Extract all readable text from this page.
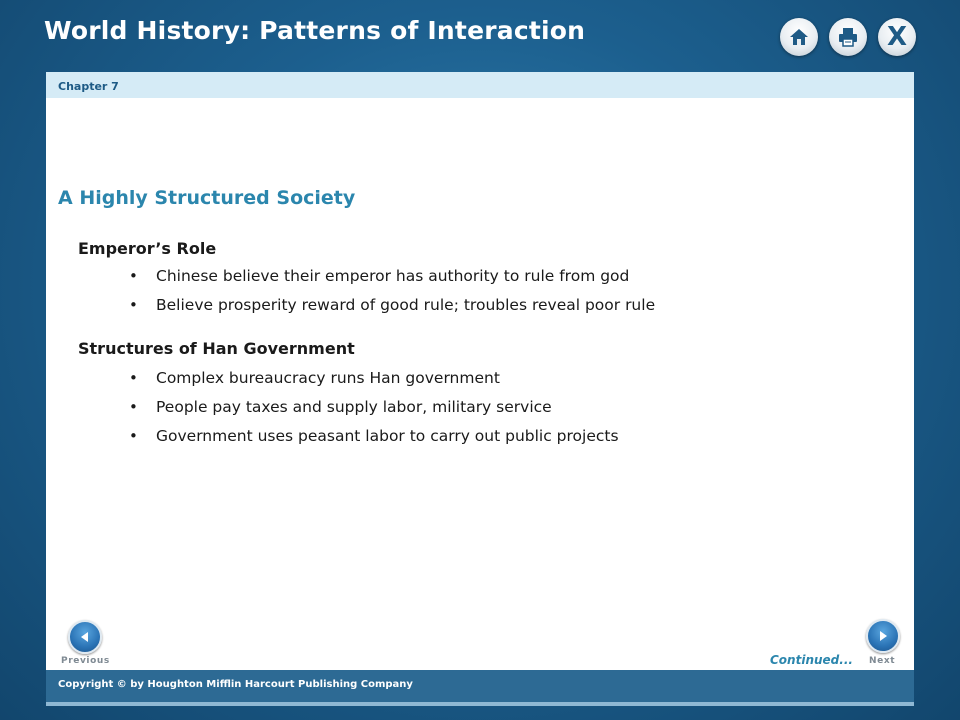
World History: Patterns of Interaction	X
Chapter 7
A Highly Structured Society

Emperor’s Role

• Chinese believe their emperor has authority to rule from god
• Believe prosperity reward of good rule; troubles reveal poor rule

Structures of Han Government

• Complex bureaucracy runs Han government
• People pay taxes and supply labor, military service
• Government uses peasant labor to carry out public projects
Previous	Continued... Next
Copyright © by Houghton Mifflin Harcourt Publishing Company
